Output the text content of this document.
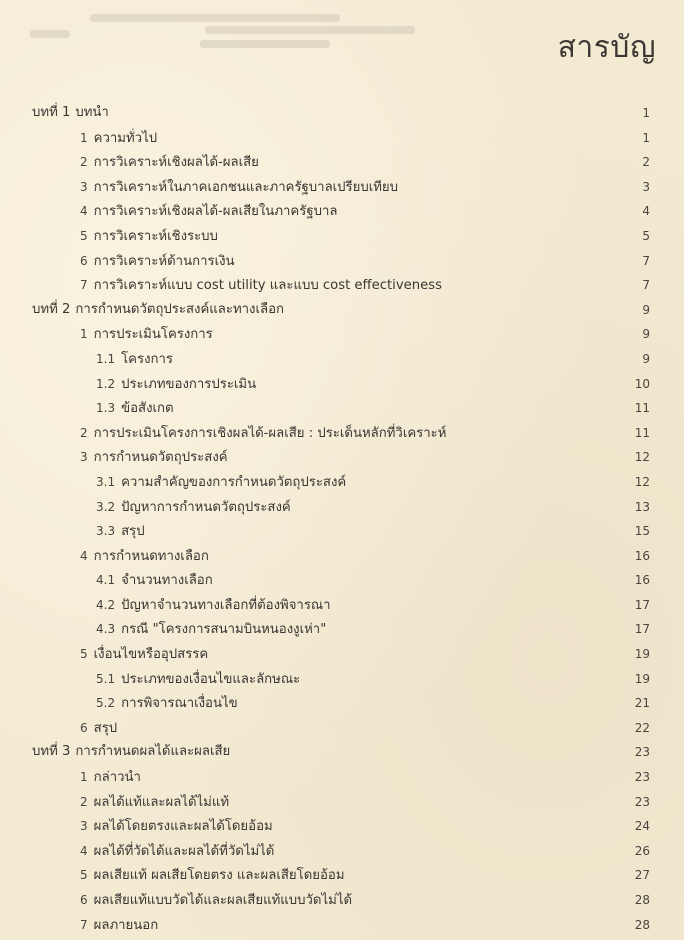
สารบัญ
บทที่ 1 บทนำ	1
1 ความทั่วไป	1
2 การวิเคราะห์เชิงผลได้-ผลเสีย	2
3 การวิเคราะห์ในภาคเอกชนและภาครัฐบาลเปรียบเทียบ	3
4 การวิเคราะห์เชิงผลได้-ผลเสียในภาครัฐบาล	4
5 การวิเคราะห์เชิงระบบ	5
6 การวิเคราะห์ด้านการเงิน	7
7 การวิเคราะห์แบบ cost utility และแบบ cost effectiveness	7
บทที่ 2 การกำหนดวัตถุประสงค์และทางเลือก	9
1 การประเมินโครงการ	9
1.1 โครงการ	9
1.2 ประเภทของการประเมิน	10
1.3 ข้อสังเกต	11
2 การประเมินโครงการเชิงผลได้-ผลเสีย : ประเด็นหลักที่วิเคราะห์	11
3 การกำหนดวัตถุประสงค์	12
3.1 ความสำคัญของการกำหนดวัตถุประสงค์	12
3.2 ปัญหาการกำหนดวัตถุประสงค์	13
3.3 สรุป	15
4 การกำหนดทางเลือก	16
4.1 จำนวนทางเลือก	16
4.2 ปัญหาจำนวนทางเลือกที่ต้องพิจารณา	17
4.3 กรณี "โครงการสนามบินหนองงูเห่า"	17
5 เงื่อนไขหรืออุปสรรค	19
5.1 ประเภทของเงื่อนไขและลักษณะ	19
5.2 การพิจารณาเงื่อนไข	21
6 สรุป	22
บทที่ 3 การกำหนดผลได้และผลเสีย	23
1 กล่าวนำ	23
2 ผลได้แท้และผลได้ไม่แท้	23
3 ผลได้โดยตรงและผลได้โดยอ้อม	24
4 ผลได้ที่วัดได้และผลได้ที่วัดไม่ได้	26
5 ผลเสียแท้ ผลเสียโดยตรง และผลเสียโดยอ้อม	27
6 ผลเสียแท้แบบวัดได้และผลเสียแท้แบบวัดไม่ได้	28
7 ผลภายนอก	28
